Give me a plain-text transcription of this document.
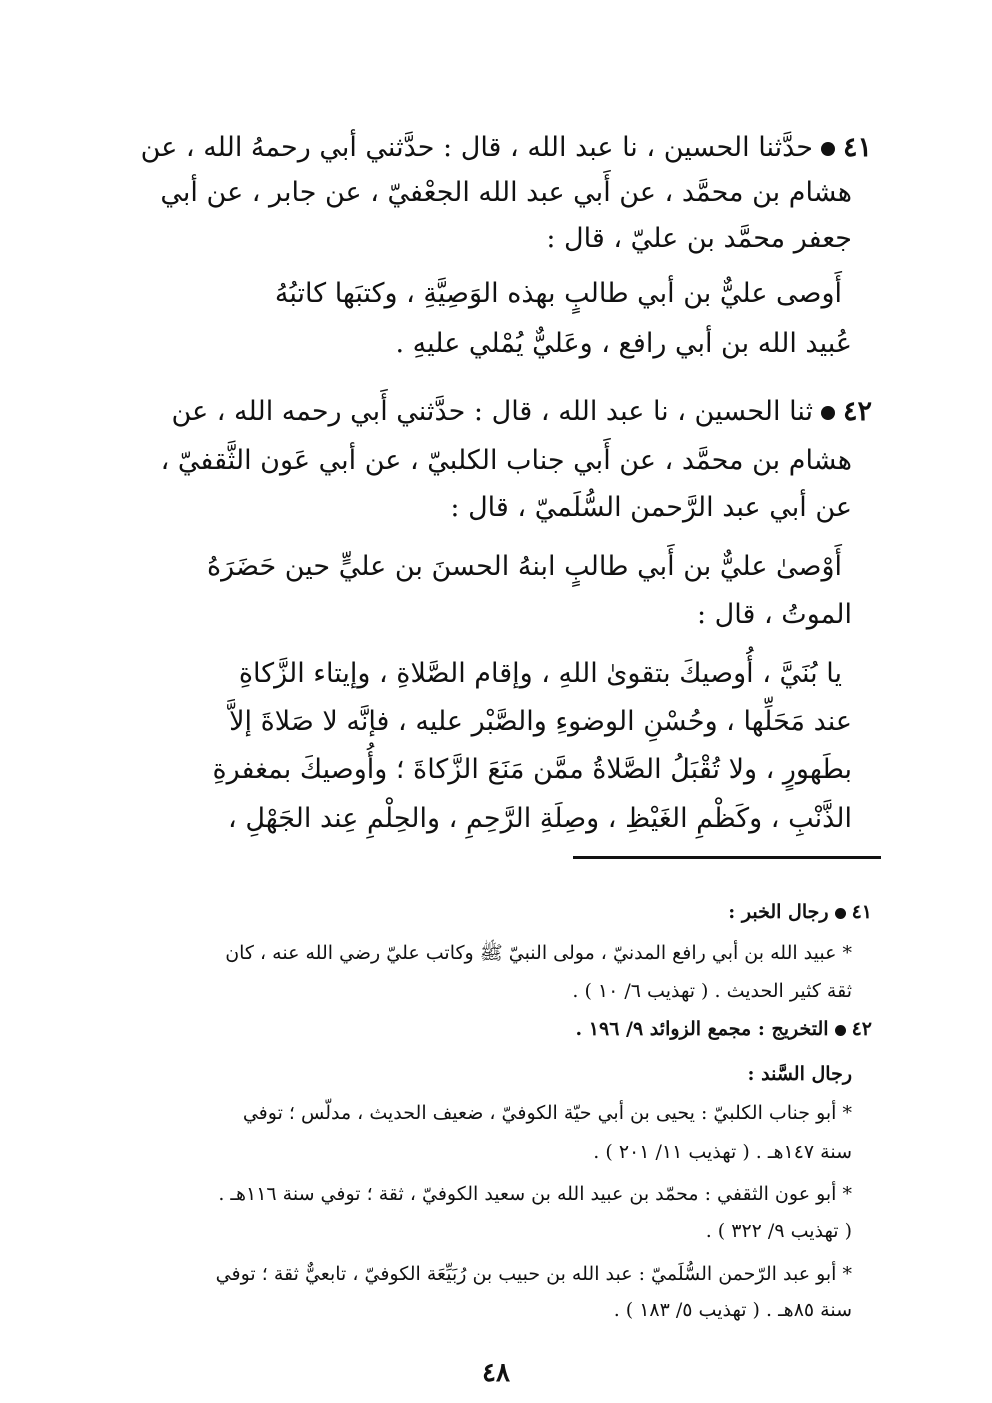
٤١حدَّثنا الحسين ، نا عبد الله ، قال : حدَّثني أبي رحمهُ الله ، عن
هشام بن محمَّد ، عن أَبي عبد الله الجعْفيّ ، عن جابر ، عن أبي
جعفر محمَّد بن عليّ ، قال :
أَوصى عليٌّ بن أبي طالبٍ بهذه الوَصِيَّةِ ، وكتبَها كاتبُهُ
عُبيد الله بن أبي رافع ، وعَليٌّ يُمْلي عليهِ .
٤٢ثنا الحسين ، نا عبد الله ، قال : حدَّثني أَبي رحمه الله ، عن
هشام بن محمَّد ، عن أَبي جناب الكلبيّ ، عن أبي عَون الثَّقفيّ ،
عن أبي عبد الرَّحمن السُّلَميّ ، قال :
أَوْصىٰ عليٌّ بن أَبي طالبٍ ابنهُ الحسنَ بن عليٍّ حين حَضَرَهُ
الموتُ ، قال :
يا بُنَيَّ ، أُوصيكَ بتقوىٰ اللهِ ، وإقام الصَّلاةِ ، وإيتاء الزَّكاةِ
عند مَحَلِّها ، وحُسْنِ الوضوءِ والصَّبْر عليه ، فإنَّه لا صَلاةَ إلاَّ
بطَهورٍ ، ولا تُقْبَلُ الصَّلاةُ ممَّن مَنَعَ الزَّكاةَ ؛ وأُوصيكَ بمغفرةِ
الذَّنْبِ ، وكَظْمِ الغَيْظِ ، وصِلَةِ الرَّحِمِ ، والحِلْمِ عِند الجَهْلِ ،
٤١رجال الخبر :
* عبيد الله بن أبي رافع المدنيّ ، مولى النبيّ ﷺ وكاتب عليّ رضي الله عنه ، كان
ثقة كثير الحديث . ( تهذيب ٦/ ١٠ ) .
٤٢التخريج : مجمع الزوائد ٩/ ١٩٦ .
رجال السَّند :
* أبو جناب الكلبيّ : يحيى بن أبي حيّة الكوفيّ ، ضعيف الحديث ، مدلّس ؛ توفي
سنة ١٤٧هـ . ( تهذيب ١١/ ٢٠١ ) .
* أبو عون الثقفي : محمّد بن عبيد الله بن سعيد الكوفيّ ، ثقة ؛ توفي سنة ١١٦هـ .
( تهذيب ٩/ ٣٢٢ ) .
* أبو عبد الرّحمن السُّلَميّ : عبد الله بن حبيب بن رُبَيِّعَة الكوفيّ ، تابعيٌّ ثقة ؛ توفي
سنة ٨٥هـ . ( تهذيب ٥/ ١٨٣ ) .
٤٨
